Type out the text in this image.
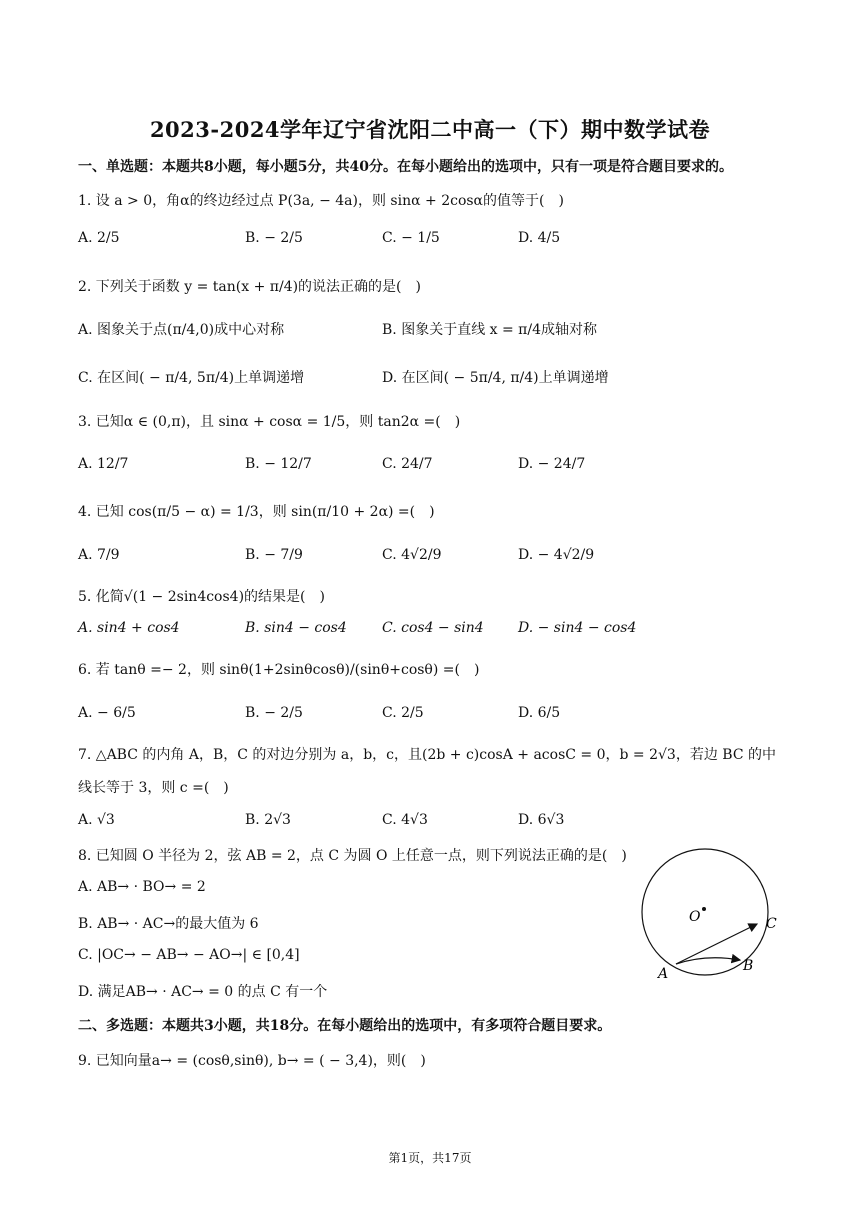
2023-2024学年辽宁省沈阳二中高一（下）期中数学试卷
一、单选题：本题共8小题，每小题5分，共40分。在每小题给出的选项中，只有一项是符合题目要求的。
1. 设 a > 0，角α的终边经过点 P(3a, − 4a)，则 sinα + 2cosα的值等于(　)
A. 2/5	B. − 2/5	C. − 1/5	D. 4/5
2. 下列关于函数 y = tan(x + π/4)的说法正确的是(　)
A. 图象关于点(π/4,0)成中心对称	B. 图象关于直线 x = π/4成轴对称
C. 在区间( − π/4, 5π/4)上单调递增	D. 在区间( − 5π/4, π/4)上单调递增
3. 已知α ∈ (0,π)，且 sinα + cosα = 1/5，则 tan2α =(　)
A. 12/7	B. − 12/7	C. 24/7	D. − 24/7
4. 已知 cos(π/5 − α) = 1/3，则 sin(π/10 + 2α) =(　)
A. 7/9	B. − 7/9	C. 4√2/9	D. − 4√2/9
5. 化简√(1 − 2sin4cos4)的结果是(　)
A. sin4 + cos4	B. sin4 − cos4	C. cos4 − sin4 D. − sin4 − cos4
6. 若 tanθ =− 2，则 sinθ(1+2sinθcosθ)/(sinθ+cosθ) =(　)
A. − 6/5	B. − 2/5	C. 2/5	D. 6/5
7. △ABC 的内角 A，B，C 的对边分别为 a，b，c，且(2b + c)cosA + acosC = 0，b = 2√3，若边 BC 的中
线长等于 3，则 c =(　)
A. √3	B. 2√3	C. 4√3	D. 6√3
8. 已知圆 O 半径为 2，弦 AB = 2，点 C 为圆 O 上任意一点，则下列说法正确的是(　)
A. AB→ · BO→ = 2
B. AB→ · AC→的最大值为 6
C. |OC→ − AB→ − AO→| ∈ [0,4]
D. 满足AB→ · AC→ = 0 的点 C 有一个
O
A	B
C
二、多选题：本题共3小题，共18分。在每小题给出的选项中，有多项符合题目要求。
9. 已知向量a→ = (cosθ,sinθ), b→ = ( − 3,4)，则(　)
第1页，共17页
